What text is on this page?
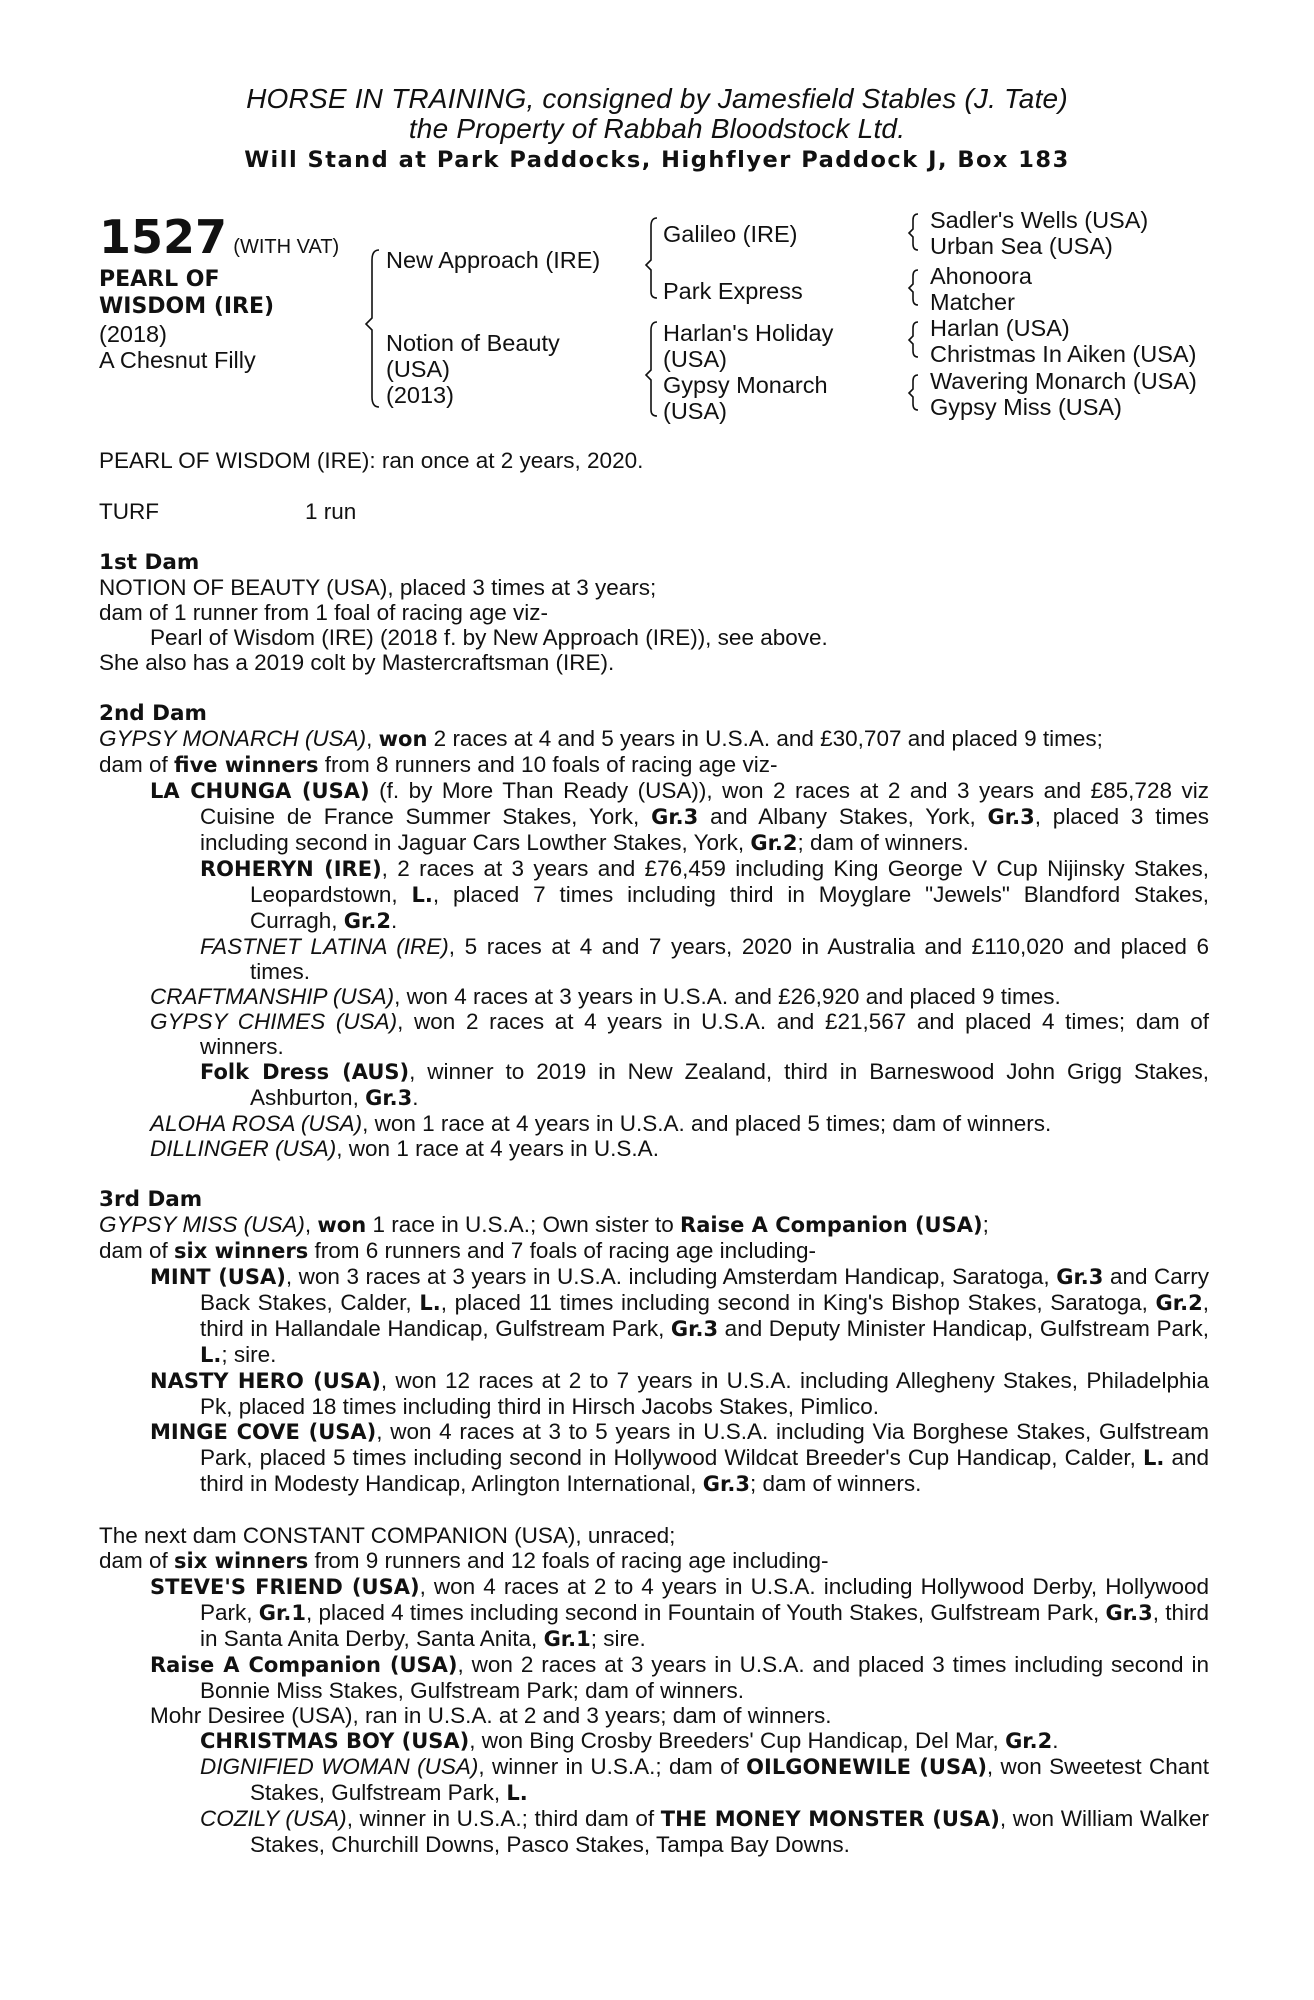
HORSE IN TRAINING, consigned by Jamesfield Stables (J. Tate)
the Property of Rabbah Bloodstock Ltd.
Will Stand at Park Paddocks, Highflyer Paddock J, Box 183
1527 (WITH VAT)
PEARL OF
WISDOM (IRE)
(2018)
A Chesnut Filly
New Approach (IRE)
Notion of Beauty
(USA)
(2013)
Galileo (IRE)
Park Express
Harlan's Holiday
(USA)
Gypsy Monarch
(USA)
Sadler's Wells (USA)
Urban Sea (USA)
Ahonoora
Matcher
Harlan (USA)
Christmas In Aiken (USA)
Wavering Monarch (USA)
Gypsy Miss (USA)
PEARL OF WISDOM (IRE): ran once at 2 years, 2020.
TURF	1 run
1st Dam
NOTION OF BEAUTY (USA), placed 3 times at 3 years;
dam of 1 runner from 1 foal of racing age viz-
Pearl of Wisdom (IRE) (2018 f. by New Approach (IRE)), see above.
She also has a 2019 colt by Mastercraftsman (IRE).
2nd Dam
GYPSY MONARCH (USA), won 2 races at 4 and 5 years in U.S.A. and £30,707 and placed 9 times;
dam of five winners from 8 runners and 10 foals of racing age viz-
LA CHUNGA (USA) (f. by More Than Ready (USA)), won 2 races at 2 and 3 years and £85,728 viz Cuisine de France Summer Stakes, York, Gr.3 and Albany Stakes, York, Gr.3, placed 3 times including second in Jaguar Cars Lowther Stakes, York, Gr.2; dam of winners.
ROHERYN (IRE), 2 races at 3 years and £76,459 including King George V Cup Nijinsky Stakes, Leopardstown, L., placed 7 times including third in Moyglare "Jewels" Blandford Stakes, Curragh, Gr.2.
FASTNET LATINA (IRE), 5 races at 4 and 7 years, 2020 in Australia and £110,020 and placed 6 times.
CRAFTMANSHIP (USA), won 4 races at 3 years in U.S.A. and £26,920 and placed 9 times.
GYPSY CHIMES (USA), won 2 races at 4 years in U.S.A. and £21,567 and placed 4 times; dam of winners.
Folk Dress (AUS), winner to 2019 in New Zealand, third in Barneswood John Grigg Stakes, Ashburton, Gr.3.
ALOHA ROSA (USA), won 1 race at 4 years in U.S.A. and placed 5 times; dam of winners.
DILLINGER (USA), won 1 race at 4 years in U.S.A.
3rd Dam
GYPSY MISS (USA), won 1 race in U.S.A.; Own sister to Raise A Companion (USA);
dam of six winners from 6 runners and 7 foals of racing age including-
MINT (USA), won 3 races at 3 years in U.S.A. including Amsterdam Handicap, Saratoga, Gr.3 and Carry Back Stakes, Calder, L., placed 11 times including second in King's Bishop Stakes, Saratoga, Gr.2, third in Hallandale Handicap, Gulfstream Park, Gr.3 and Deputy Minister Handicap, Gulfstream Park, L.; sire.
NASTY HERO (USA), won 12 races at 2 to 7 years in U.S.A. including Allegheny Stakes, Philadelphia Pk, placed 18 times including third in Hirsch Jacobs Stakes, Pimlico.
MINGE COVE (USA), won 4 races at 3 to 5 years in U.S.A. including Via Borghese Stakes, Gulfstream Park, placed 5 times including second in Hollywood Wildcat Breeder's Cup Handicap, Calder, L. and third in Modesty Handicap, Arlington International, Gr.3; dam of winners.
The next dam CONSTANT COMPANION (USA), unraced;
dam of six winners from 9 runners and 12 foals of racing age including-
STEVE'S FRIEND (USA), won 4 races at 2 to 4 years in U.S.A. including Hollywood Derby, Hollywood Park, Gr.1, placed 4 times including second in Fountain of Youth Stakes, Gulfstream Park, Gr.3, third in Santa Anita Derby, Santa Anita, Gr.1; sire.
Raise A Companion (USA), won 2 races at 3 years in U.S.A. and placed 3 times including second in Bonnie Miss Stakes, Gulfstream Park; dam of winners.
Mohr Desiree (USA), ran in U.S.A. at 2 and 3 years; dam of winners.
CHRISTMAS BOY (USA), won Bing Crosby Breeders' Cup Handicap, Del Mar, Gr.2.
DIGNIFIED WOMAN (USA), winner in U.S.A.; dam of OILGONEWILE (USA), won Sweetest Chant Stakes, Gulfstream Park, L.
COZILY (USA), winner in U.S.A.; third dam of THE MONEY MONSTER (USA), won William Walker Stakes, Churchill Downs, Pasco Stakes, Tampa Bay Downs.
